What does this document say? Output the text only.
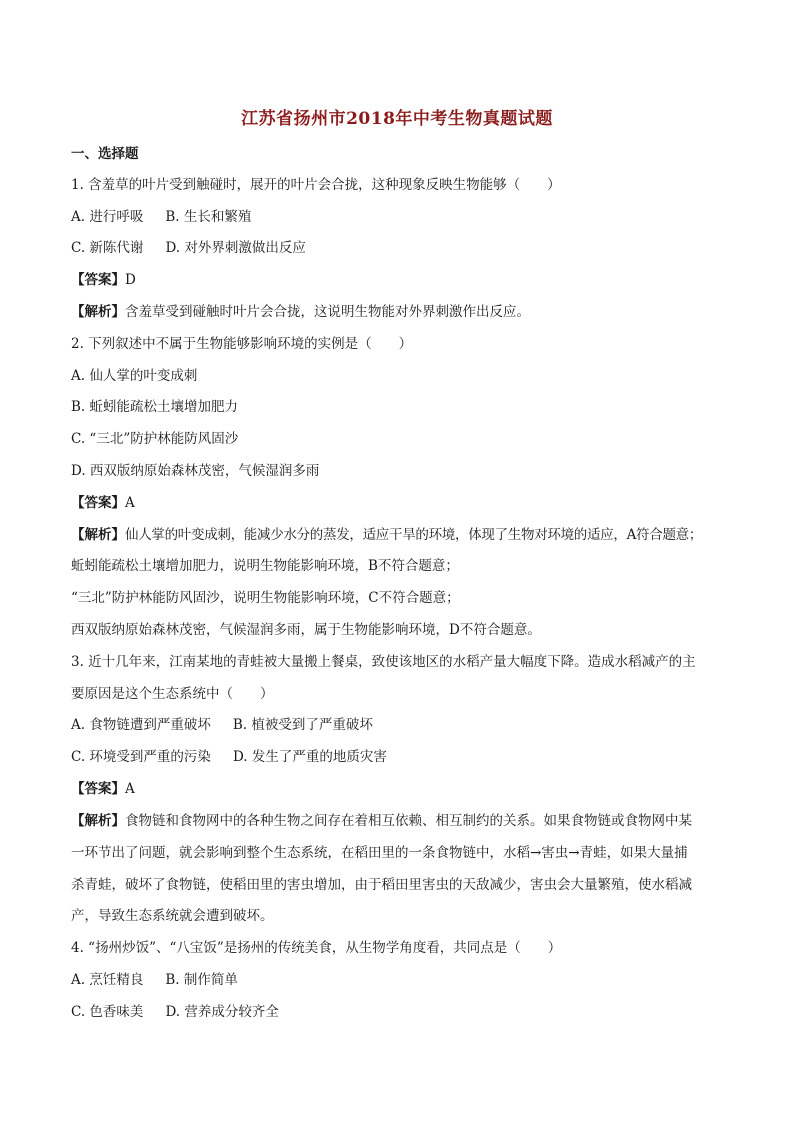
江苏省扬州市2018年中考生物真题试题
一、选择题
1. 含羞草的叶片受到触碰时，展开的叶片会合拢，这种现象反映生物能够（　　）
A. 进行呼吸 B. 生长和繁殖
C. 新陈代谢 D. 对外界刺激做出反应
【答案】D
【解析】含羞草受到碰触时叶片会合拢，这说明生物能对外界刺激作出反应。
2. 下列叙述中不属于生物能够影响环境的实例是（　　）
A. 仙人掌的叶变成刺
B. 蚯蚓能疏松土壤增加肥力
C. “三北”防护林能防风固沙
D. 西双版纳原始森林茂密，气候湿润多雨
【答案】A
【解析】仙人掌的叶变成刺，能减少水分的蒸发，适应干旱的环境，体现了生物对环境的适应，A符合题意；
蚯蚓能疏松土壤增加肥力，说明生物能影响环境，B不符合题意；
“三北”防护林能防风固沙，说明生物能影响环境，C不符合题意；
西双版纳原始森林茂密，气候湿润多雨，属于生物能影响环境，D不符合题意。
3. 近十几年来，江南某地的青蛙被大量搬上餐桌，致使该地区的水稻产量大幅度下降。造成水稻减产的主
要原因是这个生态系统中（　　）
A. 食物链遭到严重破坏 B. 植被受到了严重破坏
C. 环境受到严重的污染 D. 发生了严重的地质灾害
【答案】A
【解析】食物链和食物网中的各种生物之间存在着相互依赖、相互制约的关系。如果食物链或食物网中某
一环节出了问题，就会影响到整个生态系统，在稻田里的一条食物链中，水稻→害虫→青蛙，如果大量捕
杀青蛙，破坏了食物链，使稻田里的害虫增加，由于稻田里害虫的天敌减少，害虫会大量繁殖，使水稻减
产，导致生态系统就会遭到破坏。
4. “扬州炒饭”、“八宝饭”是扬州的传统美食，从生物学角度看，共同点是（　　）
A. 烹饪精良 B. 制作简单
C. 色香味美 D. 营养成分较齐全
